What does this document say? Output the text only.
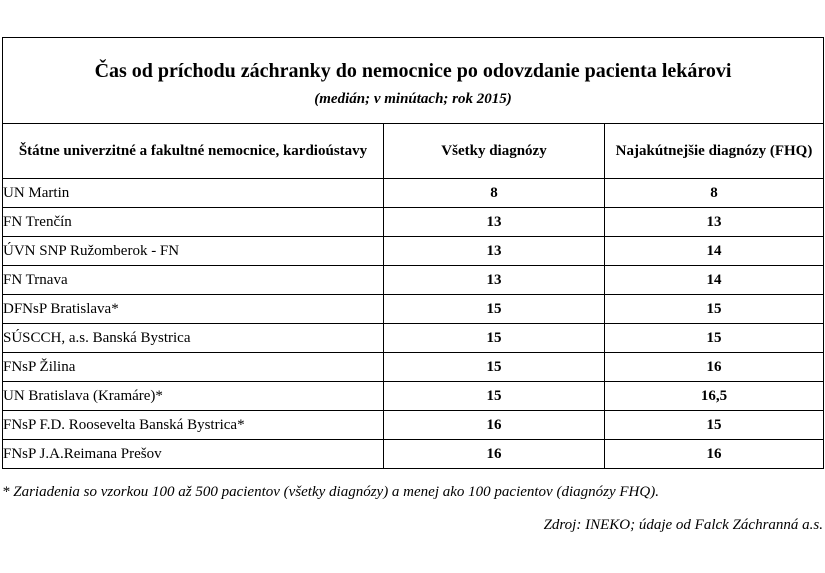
Čas od príchodu záchranky do nemocnice po odovzdanie pacienta lekárovi
(medián; v minútach; rok 2015)		

Štátne univerzitné a fakultné nemocnice, kardioústavy	Všetky diagnózy	Najakútnejšie diagnózy (FHQ)
UN Martin	8	8
FN Trenčín	13	13
ÚVN SNP Ružomberok - FN	13	14
FN Trnava	13	14
DFNsP Bratislava*	15	15
SÚSCCH, a.s. Banská Bystrica	15	15
FNsP Žilina	15	16
UN Bratislava (Kramáre)*	15	16,5
FNsP F.D. Roosevelta Banská Bystrica*	16	15
FNsP J.A.Reimana Prešov	16	16
* Zariadenia so vzorkou 100 až 500 pacientov (všetky diagnózy) a menej ako 100 pacientov (diagnózy FHQ).
Zdroj: INEKO; údaje od Falck Záchranná a.s.
